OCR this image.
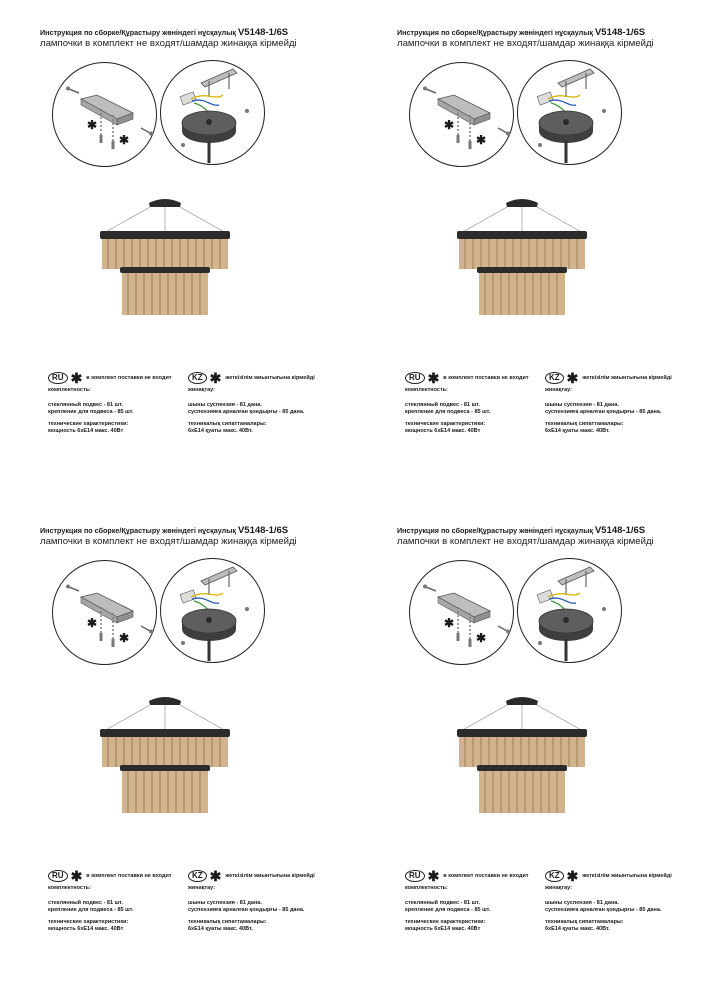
Инструкция по сборке/Құрастыру жөніндегі нұсқаулық V5148-1/6S
лампочки в комплект не входят/шамдар жинаққа кірмейді
✱
✱
RU ✱ в комплект поставки не входит
комплектность:
стеклянный подвес - 81 шт.
крепление для подвеса - 85 шт.
технические характеристики:
мощность 6хЕ14 макс. 40Вт
KZ ✱ жеткізілім жиынтығына кірмейді
жинақтау:
шыны суспензия - 81 дана.
суспензияға арналған қондырғы - 85 дана.
техникалық сипаттамалары:
6хЕ14 қуаты макс. 40Вт.
Инструкция по сборке/Құрастыру жөніндегі нұсқаулық V5148-1/6S
лампочки в комплект не входят/шамдар жинаққа кірмейді
✱
✱
RU ✱ в комплект поставки не входит
комплектность:
стеклянный подвес - 81 шт.
крепление для подвеса - 85 шт.
технические характеристики:
мощность 6хЕ14 макс. 40Вт
KZ ✱ жеткізілім жиынтығына кірмейді
жинақтау:
шыны суспензия - 81 дана.
суспензияға арналған қондырғы - 85 дана.
техникалық сипаттамалары:
6хЕ14 қуаты макс. 40Вт.
Инструкция по сборке/Құрастыру жөніндегі нұсқаулық V5148-1/6S
лампочки в комплект не входят/шамдар жинаққа кірмейді
✱
✱
RU ✱ в комплект поставки не входит
комплектность:
стеклянный подвес - 81 шт.
крепление для подвеса - 85 шт.
технические характеристики:
мощность 6хЕ14 макс. 40Вт
KZ ✱ жеткізілім жиынтығына кірмейді
жинақтау:
шыны суспензия - 81 дана.
суспензияға арналған қондырғы - 85 дана.
техникалық сипаттамалары:
6хЕ14 қуаты макс. 40Вт.
Инструкция по сборке/Құрастыру жөніндегі нұсқаулық V5148-1/6S
лампочки в комплект не входят/шамдар жинаққа кірмейді
✱
✱
RU ✱ в комплект поставки не входит
комплектность:
стеклянный подвес - 81 шт.
крепление для подвеса - 85 шт.
технические характеристики:
мощность 6хЕ14 макс. 40Вт
KZ ✱ жеткізілім жиынтығына кірмейді
жинақтау:
шыны суспензия - 81 дана.
суспензияға арналған қондырғы - 85 дана.
техникалық сипаттамалары:
6хЕ14 қуаты макс. 40Вт.
